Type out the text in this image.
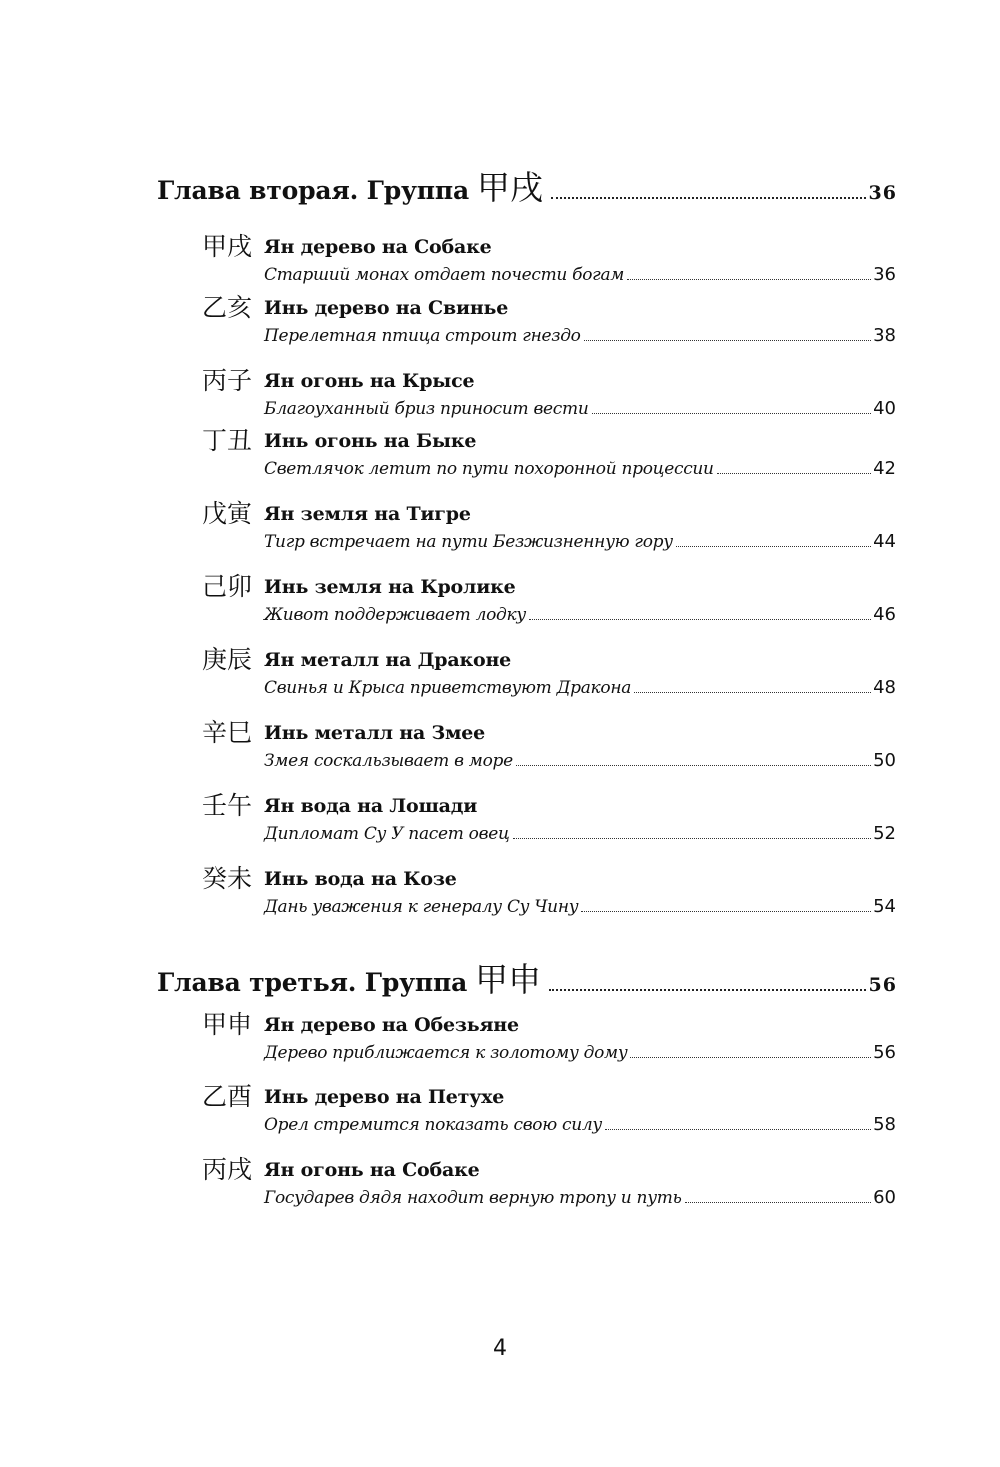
Глава вторая. Группа 甲戌	36
甲戌 Ян дерево на Собаке
Старший монах отдает почести богам	36
乙亥 Инь дерево на Свинье
Перелетная птица строит гнездо	38
丙子 Ян огонь на Крысе
Благоуханный бриз приносит вести	40
丁丑 Инь огонь на Быке
Светлячок летит по пути похоронной процессии	42
戊寅 Ян земля на Тигре
Тигр встречает на пути Безжизненную гору	44
己卯 Инь земля на Кролике
Живот поддерживает лодку	46
庚辰 Ян металл на Драконе
Свинья и Крыса приветствуют Дракона	48
辛巳 Инь металл на Змее
Змея соскальзывает в море	50
壬午 Ян вода на Лошади
Дипломат Су У пасет овец	52
癸未 Инь вода на Козе
Дань уважения к генералу Су Чину	54
Глава третья. Группа 甲申	56
甲申 Ян дерево на Обезьяне
Дерево приближается к золотому дому	56
乙酉 Инь дерево на Петухе
Орел стремится показать свою силу	58
丙戌 Ян огонь на Собаке
Государев дядя находит верную тропу и путь	60
4
